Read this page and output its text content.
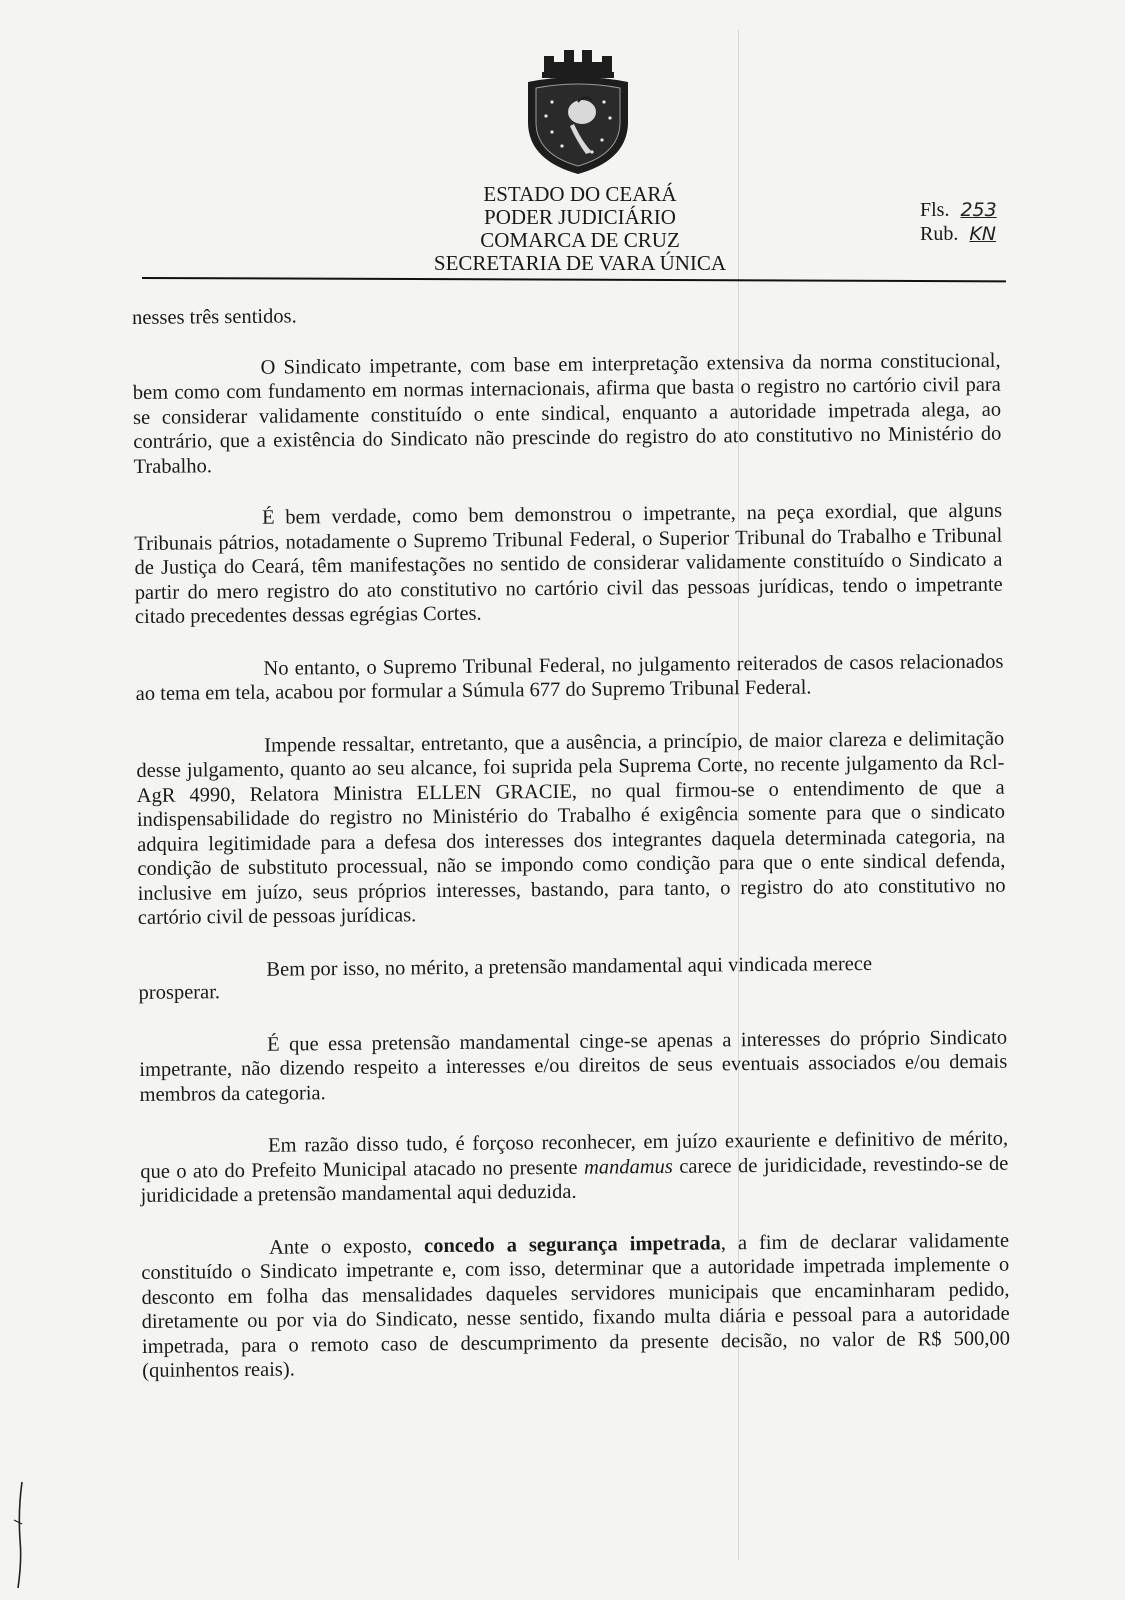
ESTADO DO CEARÁ
PODER JUDICIÁRIO
COMARCA DE CRUZ
SECRETARIA DE VARA ÚNICA
Fls. 253
Rub. KN

nesses três sentidos.

O Sindicato impetrante, com base em interpretação extensiva da norma constitucional, bem como com fundamento em normas internacionais, afirma que basta o registro no cartório civil para se considerar validamente constituído o ente sindical, enquanto a autoridade impetrada alega, ao contrário, que a existência do Sindicato não prescinde do registro do ato constitutivo no Ministério do Trabalho.

É bem verdade, como bem demonstrou o impetrante, na peça exordial, que alguns Tribunais pátrios, notadamente o Supremo Tribunal Federal, o Superior Tribunal do Trabalho e Tribunal de Justiça do Ceará, têm manifestações no sentido de considerar validamente constituído o Sindicato a partir do mero registro do ato constitutivo no cartório civil das pessoas jurídicas, tendo o impetrante citado precedentes dessas egrégias Cortes.

No entanto, o Supremo Tribunal Federal, no julgamento reiterados de casos relacionados ao tema em tela, acabou por formular a Súmula 677 do Supremo Tribunal Federal.

Impende ressaltar, entretanto, que a ausência, a princípio, de maior clareza e delimitação desse julgamento, quanto ao seu alcance, foi suprida pela Suprema Corte, no recente julgamento da Rcl-AgR 4990, Relatora Ministra ELLEN GRACIE, no qual firmou-se o entendimento de que a indispensabilidade do registro no Ministério do Trabalho é exigência somente para que o sindicato adquira legitimidade para a defesa dos interesses dos integrantes daquela determinada categoria, na condição de substituto processual, não se impondo como condição para que o ente sindical defenda, inclusive em juízo, seus próprios interesses, bastando, para tanto, o registro do ato constitutivo no cartório civil de pessoas jurídicas.

Bem por isso, no mérito, a pretensão mandamental aqui vindicada merece

prosperar.

É que essa pretensão mandamental cinge-se apenas a interesses do próprio Sindicato impetrante, não dizendo respeito a interesses e/ou direitos de seus eventuais associados e/ou demais membros da categoria.

Em razão disso tudo, é forçoso reconhecer, em juízo exauriente e definitivo de mérito, que o ato do Prefeito Municipal atacado no presente mandamus carece de juridicidade, revestindo-se de juridicidade a pretensão mandamental aqui deduzida.

Ante o exposto, concedo a segurança impetrada, a fim de declarar validamente constituído o Sindicato impetrante e, com isso, determinar que a autoridade impetrada implemente o desconto em folha das mensalidades daqueles servidores municipais que encaminharam pedido, diretamente ou por via do Sindicato, nesse sentido, fixando multa diária e pessoal para a autoridade impetrada, para o remoto caso de descumprimento da presente decisão, no valor de R$ 500,00 (quinhentos reais).
